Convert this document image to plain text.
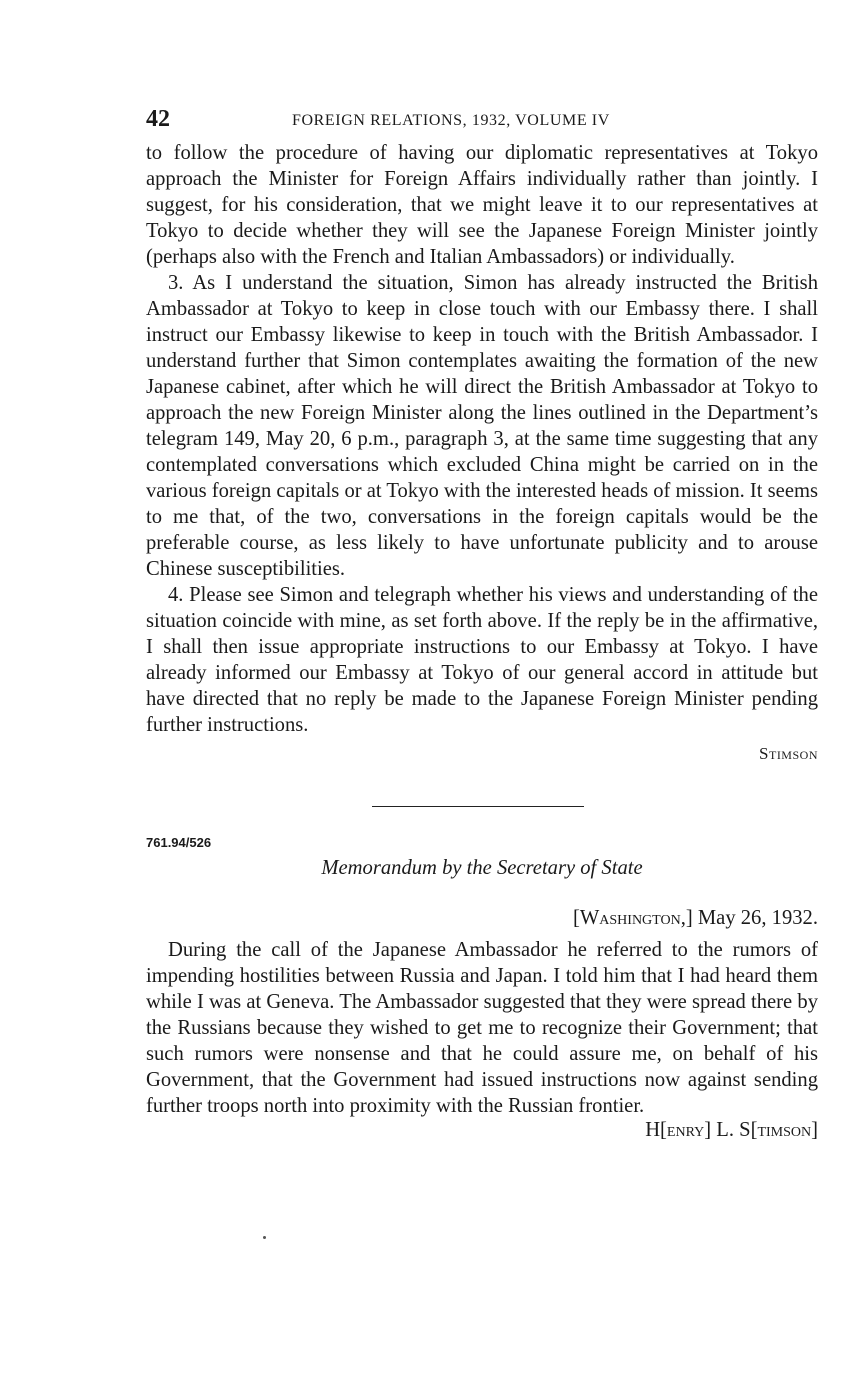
42	FOREIGN RELATIONS, 1932, VOLUME IV

to follow the procedure of having our diplomatic representatives at Tokyo approach the Minister for Foreign Affairs individually rather than jointly. I suggest, for his consideration, that we might leave it to our representatives at Tokyo to decide whether they will see the Japanese Foreign Minister jointly (perhaps also with the French and Italian Ambassadors) or individually.

3. As I understand the situation, Simon has already instructed the British Ambassador at Tokyo to keep in close touch with our Embassy there. I shall instruct our Embassy likewise to keep in touch with the British Ambassador. I understand further that Simon contemplates awaiting the formation of the new Japanese cabinet, after which he will direct the British Ambassador at Tokyo to approach the new Foreign Minister along the lines outlined in the Department’s telegram 149, May 20, 6 p.m., paragraph 3, at the same time suggesting that any contemplated conversations which excluded China might be carried on in the various foreign capitals or at Tokyo with the interested heads of mission. It seems to me that, of the two, conversations in the foreign capitals would be the preferable course, as less likely to have unfortunate publicity and to arouse Chinese susceptibilities.

4. Please see Simon and telegraph whether his views and understanding of the situation coincide with mine, as set forth above. If the reply be in the affirmative, I shall then issue appropriate instructions to our Embassy at Tokyo. I have already informed our Embassy at Tokyo of our general accord in attitude but have directed that no reply be made to the Japanese Foreign Minister pending further instructions.

Stimson
761.94/526
Memorandum by the Secretary of State
[Washington,] May 26, 1932.

During the call of the Japanese Ambassador he referred to the rumors of impending hostilities between Russia and Japan. I told him that I had heard them while I was at Geneva. The Ambassador suggested that they were spread there by the Russians because they wished to get me to recognize their Government; that such rumors were nonsense and that he could assure me, on behalf of his Government, that the Government had issued instructions now against sending further troops north into proximity with the Russian frontier.

H[enry] L. S[timson]
